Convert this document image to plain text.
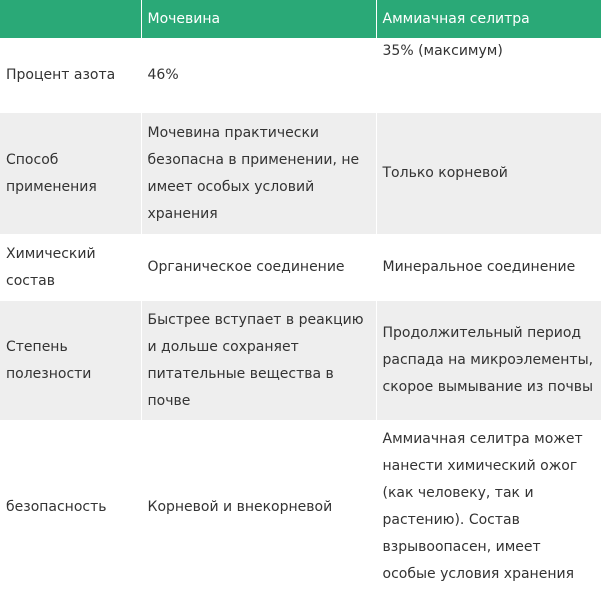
	Мочевина	Аммиачная селитра
Процент азота	46%	35% (максимум)
Способ применения	Мочевина практически безопасна в применении, не имеет особых условий хранения	Только корневой
Химический состав	Органическое соединение	Минеральное соединение
Степень полезности	Быстрее вступает в реакцию и дольше сохраняет питательные вещества в почве	Продолжительный период распада на микроэлементы, скорое вымывание из почвы
безопасность	Корневой и внекорневой	Аммиачная селитра может нанести химический ожог (как человеку, так и растению). Состав взрывоопасен, имеет особые условия хранения
